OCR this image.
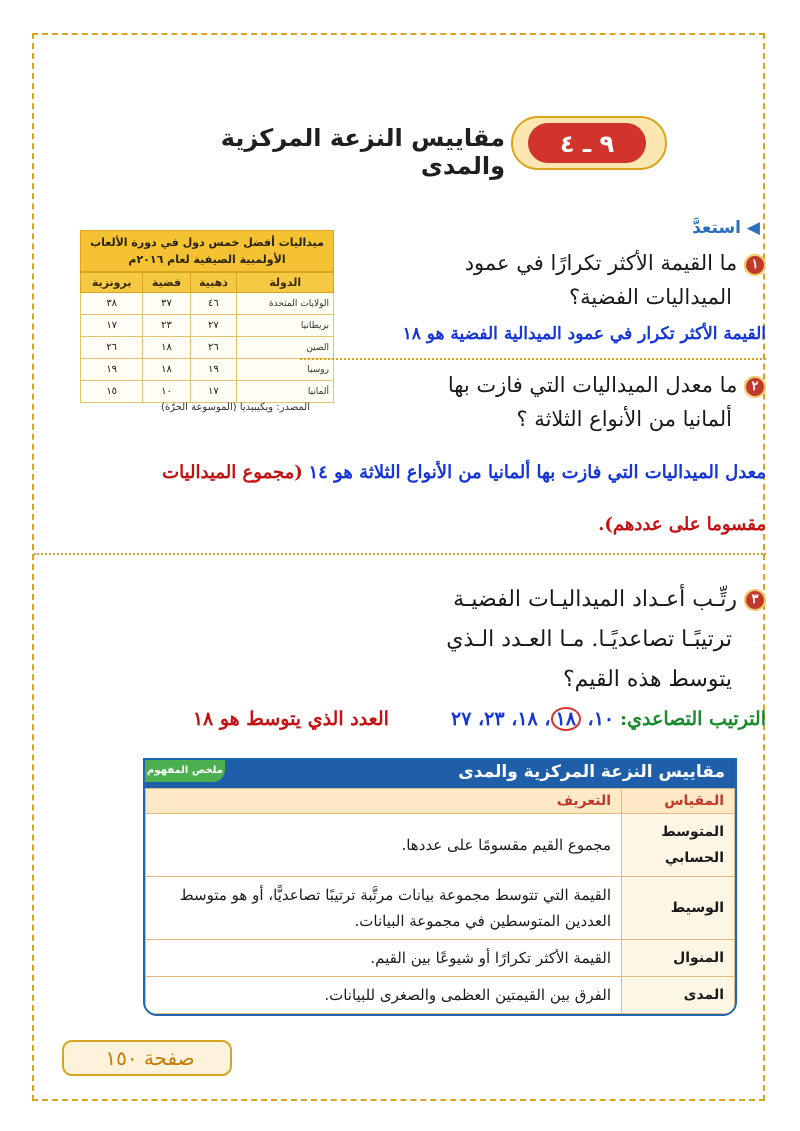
٩ ـ ٤
مقاييس النزعة المركزية والمدى
◀ استعدَّ
ميداليات أفضل خمس دول في دورة الألعاب الأولمبية الصيفية لعام ٢٠١٦م
الدولة	ذهبية	فضية	برونزية
الولايات المتحدة	٤٦	٣٧	٣٨
بريطانيا	٢٧	٢٣	١٧
الصين	٢٦	١٨	٢٦
روسيا	١٩	١٨	١٩
ألمانيا	١٧	١٠	١٥
المصدر: ويكيبيديا (الموسوعة الحرّة)
١ ما القيمة الأكثر تكرارًا في عمود
الميداليات الفضية؟
القيمة الأكثر تكرار في عمود الميدالية الفضية هو ١٨
٢ ما معدل الميداليات التي فازت بها
ألمانيا من الأنواع الثلاثة ؟
معدل الميداليات التي فازت بها ألمانيا من الأنواع الثلاثة هو ١٤ (مجموع الميداليات
مقسوما على عددهم).
٣ رتِّـب أعـداد الميداليـات الفضيـة
ترتيبًـا تصاعديًـا. مـا العـدد الـذي
يتوسط هذه القيم؟
الترتيب التصاعدي: ١٠، ١٨، ١٨، ٢٣، ٢٧  العدد الذي يتوسط هو ١٨
ملخص المفهوم	مقاييس النزعة المركزية والمدى
المقياس	التعريف
المتوسط الحسابي	مجموع القيم مقسومًا على عددها.
الوسيط	القيمة التي تتوسط مجموعة بيانات مرتَّبة ترتيبًا تصاعديًّا، أو هو متوسط العددين المتوسطين في مجموعة البيانات.
المنوال	القيمة الأكثر تكرارًا أو شيوعًا بين القيم.
المدى	الفرق بين القيمتين العظمى والصغرى للبيانات.
صفحة ١٥٠
